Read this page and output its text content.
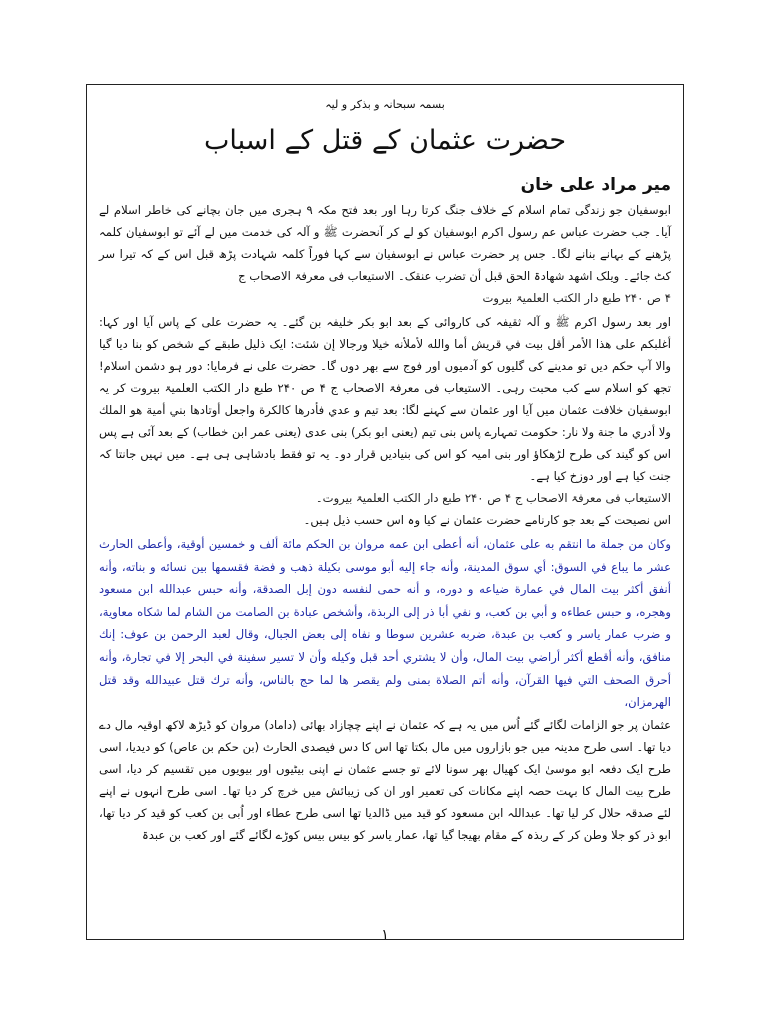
بسمہ سبحانہ و بذکر و لیہ
حضرت عثمان کے قتل کے اسباب
میر مراد علی خان

ابوسفیان جو زندگی تمام اسلام کے خلاف جنگ کرتا رہا اور بعد فتح مکہ ۹ ہجری میں جان بچانے کی خاطر اسلام لے آیا۔ جب حضرت عباس عم رسول اکرم ابوسفیان کو لے کر آنحضرت ﷺ و آلہ کی خدمت میں لے آئے تو ابوسفیان کلمہ پڑھنے کے بہانے بنانے لگا۔ جس پر حضرت عباس نے ابوسفیان سے کہا فوراً کلمہ شہادت پڑھ قبل اس کے کہ تیرا سر کٹ جائے۔ ویلک اشھد شھادۃ الحق قبل أن تضرب عنقک۔ الاستیعاب فی معرفۃ الاصحاب ج

۴ ص ۲۴۰ طبع دار الکتب العلمیۃ بیروت

اور بعد رسول اکرم ﷺ و آلہ ثقیفہ کی کاروائی کے بعد ابو بکر خلیفہ بن گئے۔ یہ حضرت علی کے پاس آیا اور کہا: أغلبكم على هذا الأمر أقل بيت في قريش أما والله لأملأنه خيلا ورجالا إن شئت: ایک ذلیل طبقے کے شخص کو بنا دیا گیا والا آپ حکم دیں تو مدینے کی گلیوں کو آدمیوں اور فوج سے بھر دوں گا۔ حضرت علی نے فرمایا: دور ہو دشمن اسلام! تجھ کو اسلام سے کب محبت رہی۔ الاستیعاب فی معرفۃ الاصحاب ج ۴ ص ۲۴۰ طبع دار الکتب العلمیۃ بیروت کر یہ ابوسفیان خلافت عثمان میں آیا اور عثمان سے کہنے لگا: بعد تیم و عدي فأدرها كالكرة واجعل أوتادها بني أمية هو الملك ولا أدري ما جنة ولا نار: حکومت تمہارے پاس بنی تیم (یعنی ابو بکر) بنی عدی (یعنی عمر ابن خطاب) کے بعد آئی ہے پس اس کو گیند کی طرح لڑھکاؤ اور بنی امیہ کو اس کی بنیادیں قرار دو۔ یہ تو فقط بادشاہی ہی ہے۔ میں نہیں جانتا کہ جنت کیا ہے اور دوزخ کیا ہے۔

الاستیعاب فی معرفۃ الاصحاب ج ۴ ص ۲۴۰ طبع دار الکتب العلمیۃ بیروت۔

اس نصیحت کے بعد جو کارنامے حضرت عثمان نے کیا وہ اس حسب ذیل ہیں۔

وكان من جملة ما انتقم به على عثمان، أنه أعطى ابن عمه مروان بن الحكم مائة ألف و خمسين أوقية، وأعطى الحارث عشر ما يباع في السوق: أي سوق المدينة، وأنه جاء إليه أبو موسى بكيلة ذهب و فضة فقسمها بين نسائه و بناته، وأنه أنفق أكثر بيت المال في عمارة ضياعه و دوره، و أنه حمى لنفسه دون إبل الصدقة، وأنه حبس عبدالله ابن مسعود وهجره، و حبس عطاءه و أبي بن كعب، و نفي أبا ذر إلى الربذة، وأشخص عبادة بن الصامت من الشام لما شكاه معاوية، و ضرب عمار ياسر و كعب بن عبدة، ضربه عشرين سوطا و نفاه إلى بعض الجبال، وقال لعبد الرحمن بن عوف: إنك منافق، وأنه أقطع أكثر أراضي بيت المال، وأن لا يشتري أحد قبل وكيله وأن لا تسير سفينة في البحر إلا في تجارة، وأنه أحرق الصحف التي فيها القرآن، وأنه أتم الصلاة بمنى ولم يقصر ها لما حج بالناس، وأنه ترك قتل عبيدالله وقد قتل الهرمزان،

عثمان پر جو الزامات لگائے گئے اُس میں یہ ہے کہ عثمان نے اپنے چچازاد بھائی (داماد) مروان کو ڈیڑھ لاکھ اوقیہ مال دے دیا تھا۔ اسی طرح مدینہ میں جو بازاروں میں مال بکتا تھا اس کا دس فیصدی الحارث (بن حکم بن عاص) کو دیدیا، اسی طرح ایک دفعہ ابو موسیٰ ایک کھیال بھر سونا لائے تو جسے عثمان نے اپنی بیٹیوں اور بیویوں میں تقسیم کر دیا، اسی طرح بیت المال کا بہت حصہ اپنے مکانات کی تعمیر اور ان کی زیبائش میں خرچ کر دیا تھا۔ اسی طرح انہوں نے اپنے لئے صدقہ حلال کر لیا تھا۔ عبداللہ ابن مسعود کو قید میں ڈالدیا تھا اسی طرح عطاء اور اُبی بن کعب کو قید کر دیا تھا، ابو ذر کو جلا وطن کر کے ربذہ کے مقام بھیجا گیا تھا، عمار یاسر کو بیس بیس کوڑے لگائے گئے اور کعب بن عبدۃ

١
